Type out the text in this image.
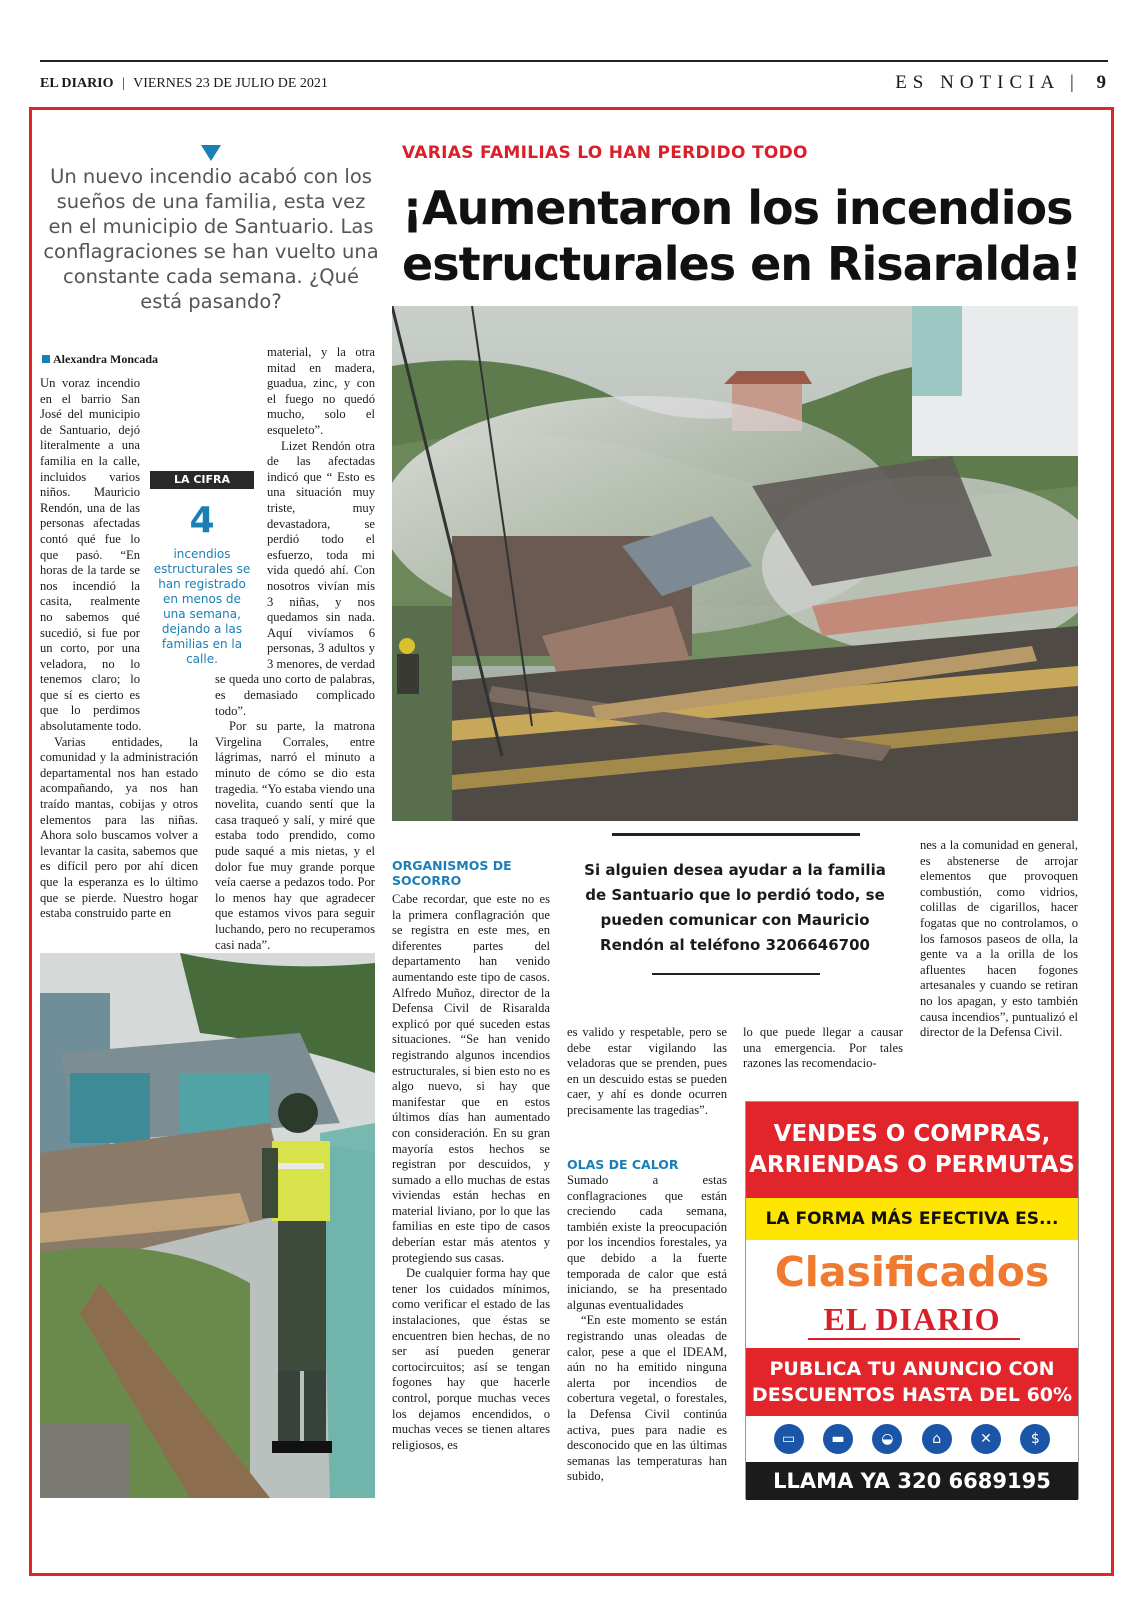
EL DIARIO | VIERNES 23 DE JULIO DE 2021	ES NOTICIA | 9
Un nuevo incendio acabó con los sueños de una familia, esta vez en el municipio de Santuario. Las conflagraciones se han vuelto una constante cada semana. ¿Qué está pasando?
VARIAS FAMILIAS LO HAN PERDIDO TODO
¡Aumentaron los incendios estructurales en Risaralda!
Alexandra Moncada

Un voraz incendio en el barrio San José del municipio de Santuario, dejó literalmente a una familia en la calle, incluidos varios niños. Mauricio Rendón, una de las personas afectadas contó qué fue lo que pasó. “En horas de la tarde se nos incendió la casita, realmente no sabemos qué sucedió, si fue por un corto, por una veladora, no lo tenemos claro; lo que sí es cierto es que lo perdimos absolutamente todo.

Varias entidades, la comunidad y la administración departamental nos han estado acompañando, ya nos han traído mantas, cobijas y otros elementos para las niñas. Ahora solo buscamos volver a levantar la casita, sabemos que es difícil pero por ahí dicen que la esperanza es lo último que se pierde. Nuestro hogar estaba construido parte en

material, y la otra mitad en madera, guadua, zinc, y con el fuego no quedó mucho, solo el esqueleto”.

Lizet Rendón otra de las afectadas indicó que “ Esto es una situación muy triste, muy devastadora, se perdió todo el esfuerzo, toda mi vida quedó ahí. Con nosotros vivían mis 3 niñas, y nos quedamos sin nada. Aquí vivíamos 6 personas, 3 adultos y 3 menores, de verdad se queda uno corto de palabras, es demasiado complicado todo”.

Por su parte, la matrona Virgelina Corrales, entre lágrimas, narró el minuto a minuto de cómo se dio esta tragedia. “Yo estaba viendo una novelita, cuando sentí que la casa traqueó y salí, y miré que estaba todo prendido, como pude saqué a mis nietas, y el dolor fue muy grande porque veía caerse a pedazos todo. Por lo menos hay que agradecer que estamos vivos para seguir luchando, pero no recuperamos casi nada”.

LA CIFRA
4
incendios estructurales se han registrado en menos de una semana, dejando a las familias en la calle.
ORGANISMOS DE SOCORRO

Cabe recordar, que este no es la primera conflagración que se registra en este mes, en diferentes partes del departamento han venido aumentando este tipo de casos. Alfredo Muñoz, director de la Defensa Civil de Risaralda explicó por qué suceden estas situaciones. “Se han venido registrando algunos incendios estructurales, si bien esto no es algo nuevo, si hay que manifestar que en estos últimos días han aumentado con consideración. En su gran mayoría estos hechos se registran por descuidos, y sumado a ello muchas de estas viviendas están hechas en material liviano, por lo que las familias en este tipo de casos deberían estar más atentos y protegiendo sus casas.

De cualquier forma hay que tener los cuidados mínimos, como verificar el estado de las instalaciones, que éstas se encuentren bien hechas, de no ser así pueden generar cortocircuitos; así se tengan fogones hay que hacerle control, porque muchas veces los dejamos encendidos, o muchas veces se tienen altares religiosos, es

Si alguien desea ayudar a la familia de Santuario que lo perdió todo, se pueden comunicar con Mauricio Rendón al teléfono 3206646700

es valido y respetable, pero se debe estar vigilando las veladoras que se prenden, pues en un descuido estas se pueden caer, y ahí es donde ocurren precisamente las tragedias”.

OLAS DE CALOR

Sumado a estas conflagraciones que están creciendo cada semana, también existe la preocupación por los incendios forestales, ya que debido a la fuerte temporada de calor que está iniciando, se ha presentado algunas eventualidades

“En este momento se están registrando unas oleadas de calor, pese a que el IDEAM, aún no ha emitido ninguna alerta por incendios de cobertura vegetal, o forestales, la Defensa Civil continúa activa, pues para nadie es desconocido que en las últimas semanas las temperaturas han subido,

lo que puede llegar a causar una emergencia. Por tales razones las recomendacio-

nes a la comunidad en general, es abstenerse de arrojar elementos que provoquen combustión, como vidrios, colillas de cigarillos, hacer fogatas que no controlamos, o los famosos paseos de olla, la gente va a la orilla de los afluentes hacen fogones artesanales y cuando se retiran no los apagan, y esto también causa incendios”, puntualizó el director de la Defensa Civil.

VENDES O COMPRAS,
ARRIENDAS O PERMUTAS
LA FORMA MÁS EFECTIVA ES...
Clasificados
EL DIARIO
PUBLICA TU ANUNCIO CON
DESCUENTOS HASTA DEL 60%
▭	▬	◒	⌂	✕	$
LLAMA YA 320 6689195
